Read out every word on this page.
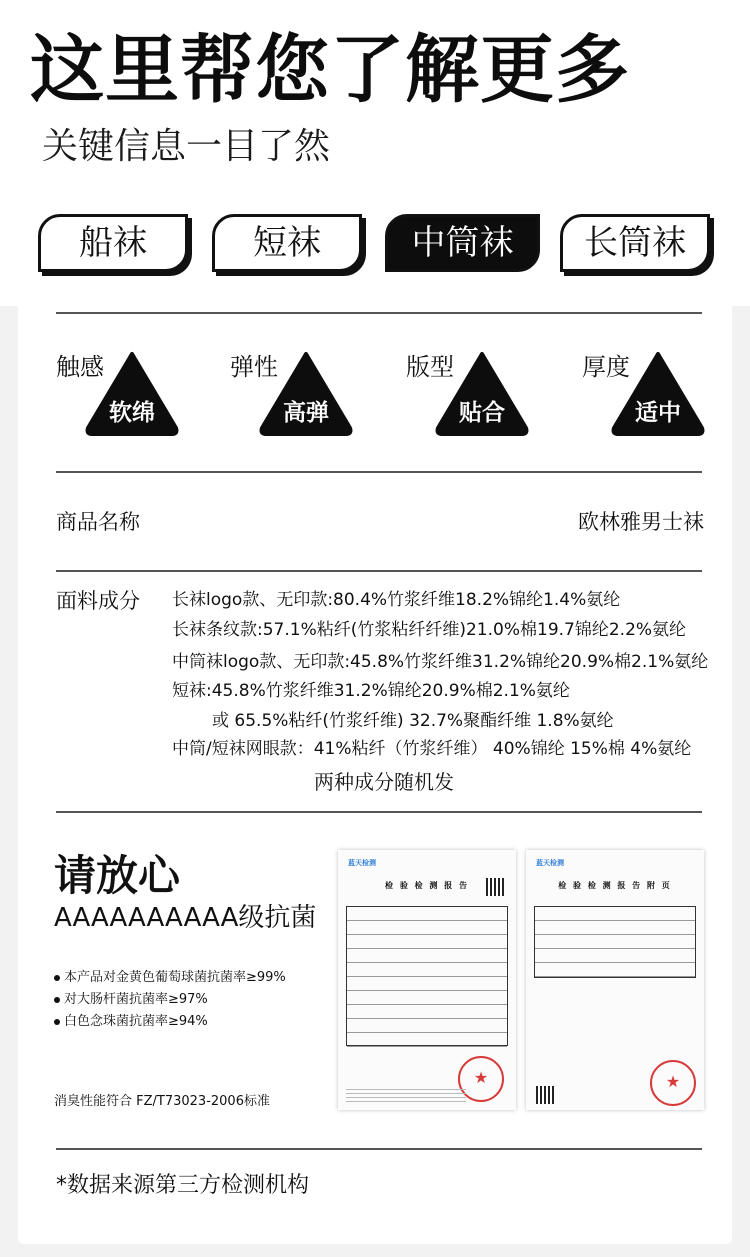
这里帮您了解更多
关键信息一目了然
船袜	短袜	中筒袜	长筒袜
触感
软绵
弹性
高弹
版型
贴合
厚度
适中
商品名称	欧林雅男士袜
面料成分 长袜logo款、无印款:80.4%竹浆纤维18.2%锦纶1.4%氨纶
长袜条纹款:57.1%粘纤(竹浆粘纤纤维)21.0%棉19.7锦纶2.2%氨纶
中筒袜logo款、无印款:45.8%竹浆纤维31.2%锦纶20.9%棉2.1%氨纶
短袜:45.8%竹浆纤维31.2%锦纶20.9%棉2.1%氨纶
或 65.5%粘纤(竹浆纤维) 32.7%聚酯纤维 1.8%氨纶
中筒/短袜网眼款：41%粘纤（竹浆纤维） 40%锦纶 15%棉 4%氨纶
两种成分随机发
请放心
AAAAAAAAAA级抗菌
本产品对金黄色葡萄球菌抗菌率≥99%
对大肠杆菌抗菌率≥97%
白色念珠菌抗菌率≥94%
消臭性能符合 FZ/T73023-2006标准
蓝天检测
检 验 检 测 报 告
★
蓝天检测
检 验 检 测 报 告 附 页
★
*数据来源第三方检测机构
